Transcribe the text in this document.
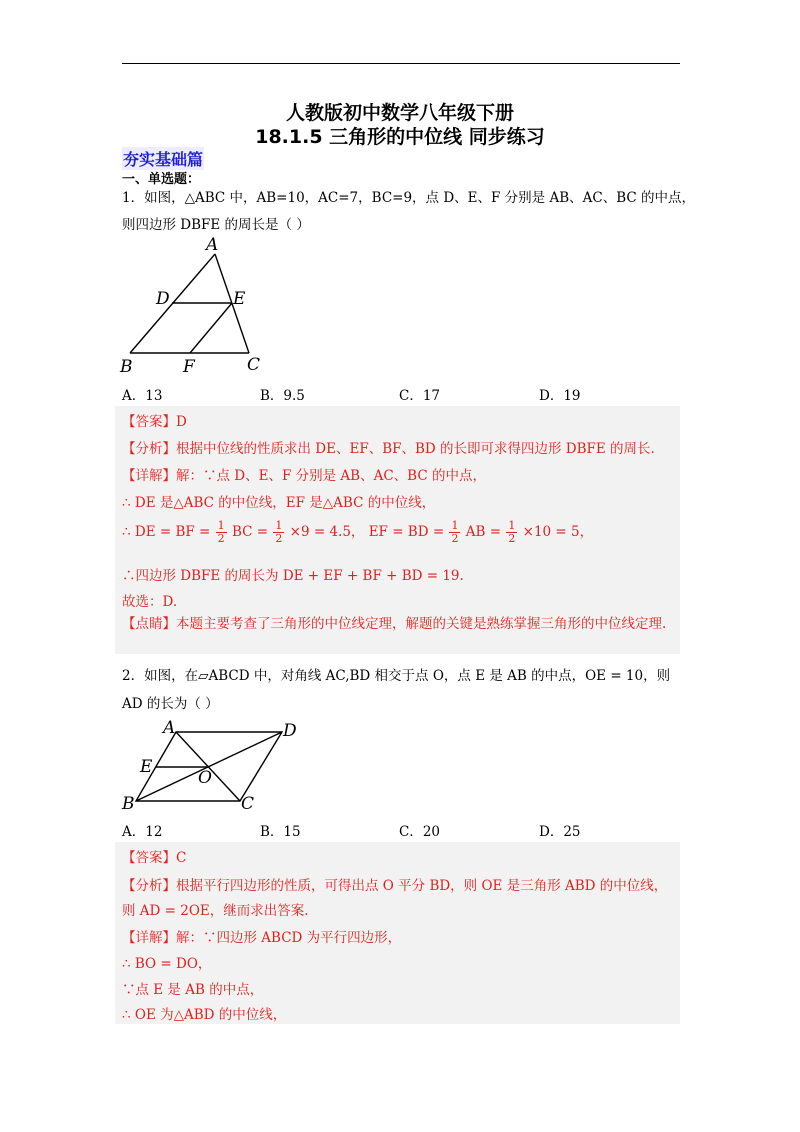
人教版初中数学八年级下册
18.1.5 三角形的中位线 同步练习
夯实基础篇
一、单选题：
1．如图，△ABC 中，AB=10，AC=7，BC=9，点 D、E、F 分别是 AB、AC、BC 的中点，
则四边形 DBFE 的周长是（ ）
A
D	E
B	F	C
A．13	B．9.5	C．17	D．19
【答案】D
【分析】根据中位线的性质求出 DE、EF、BF、BD 的长即可求得四边形 DBFE 的周长.
【详解】解：∵点 D、E、F 分别是 AB、AC、BC 的中点，
∴ DE 是△ABC 的中位线，EF 是△ABC 的中位线，
∴ DE = BF = $\frac{1}{2}$ BC = $\frac{1}{2} \times 9 = 4.5$， EF = BD = $\frac{1}{2}$ AB = $\frac{1}{2} \times 10 = 5$，
∴四边形 DBFE 的周长为 DE + EF + BF + BD = 19.
故选：D.
【点睛】本题主要考查了三角形的中位线定理，解题的关键是熟练掌握三角形的中位线定理.
2．如图，在▱ABCD 中，对角线 AC,BD 相交于点 O，点 E 是 AB 的中点，OE = 10，则
AD 的长为（ ）
A	D
E
O
B	C
A．12	B．15	C．20	D．25
【答案】C
【分析】根据平行四边形的性质，可得出点 O 平分 BD，则 OE 是三角形 ABD 的中位线，
则 AD = 2OE，继而求出答案.
【详解】解：∵四边形 ABCD 为平行四边形，
∴ BO = DO，
∵点 E 是 AB 的中点，
∴ OE 为△ABD 的中位线，
